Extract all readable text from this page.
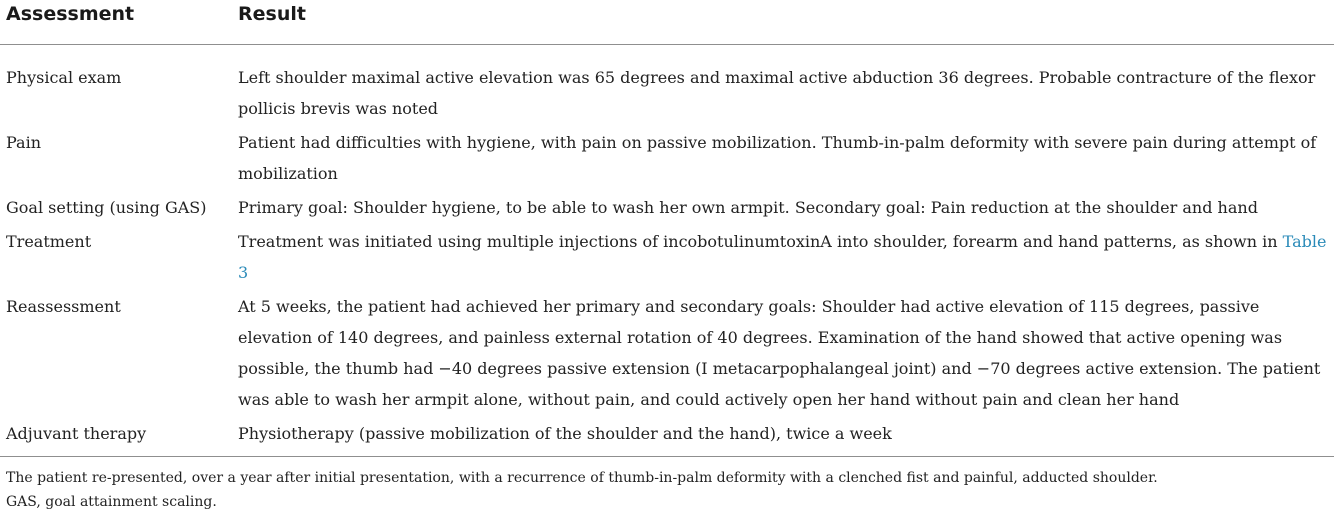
Assessment	Result
Physical exam	Left shoulder maximal active elevation was 65 degrees and maximal active abduction 36 degrees. Probable contracture of the flexor pollicis brevis was noted
Pain	Patient had difficulties with hygiene, with pain on passive mobilization. Thumb-in-palm deformity with severe pain during attempt of mobilization
Goal setting (using GAS)	Primary goal: Shoulder hygiene, to be able to wash her own armpit. Secondary goal: Pain reduction at the shoulder and hand
Treatment	Treatment was initiated using multiple injections of incobotulinumtoxinA into shoulder, forearm and hand patterns, as shown in Table 3
Reassessment	At 5 weeks, the patient had achieved her primary and secondary goals: Shoulder had active elevation of 115 degrees, passive elevation of 140 degrees, and painless external rotation of 40 degrees. Examination of the hand showed that active opening was possible, the thumb had −40 degrees passive extension (I metacarpophalangeal joint) and −70 degrees active extension. The patient was able to wash her armpit alone, without pain, and could actively open her hand without pain and clean her hand
Adjuvant therapy	Physiotherapy (passive mobilization of the shoulder and the hand), twice a week
The patient re-presented, over a year after initial presentation, with a recurrence of thumb-in-palm deformity with a clenched fist and painful, adducted shoulder.
GAS, goal attainment scaling.
